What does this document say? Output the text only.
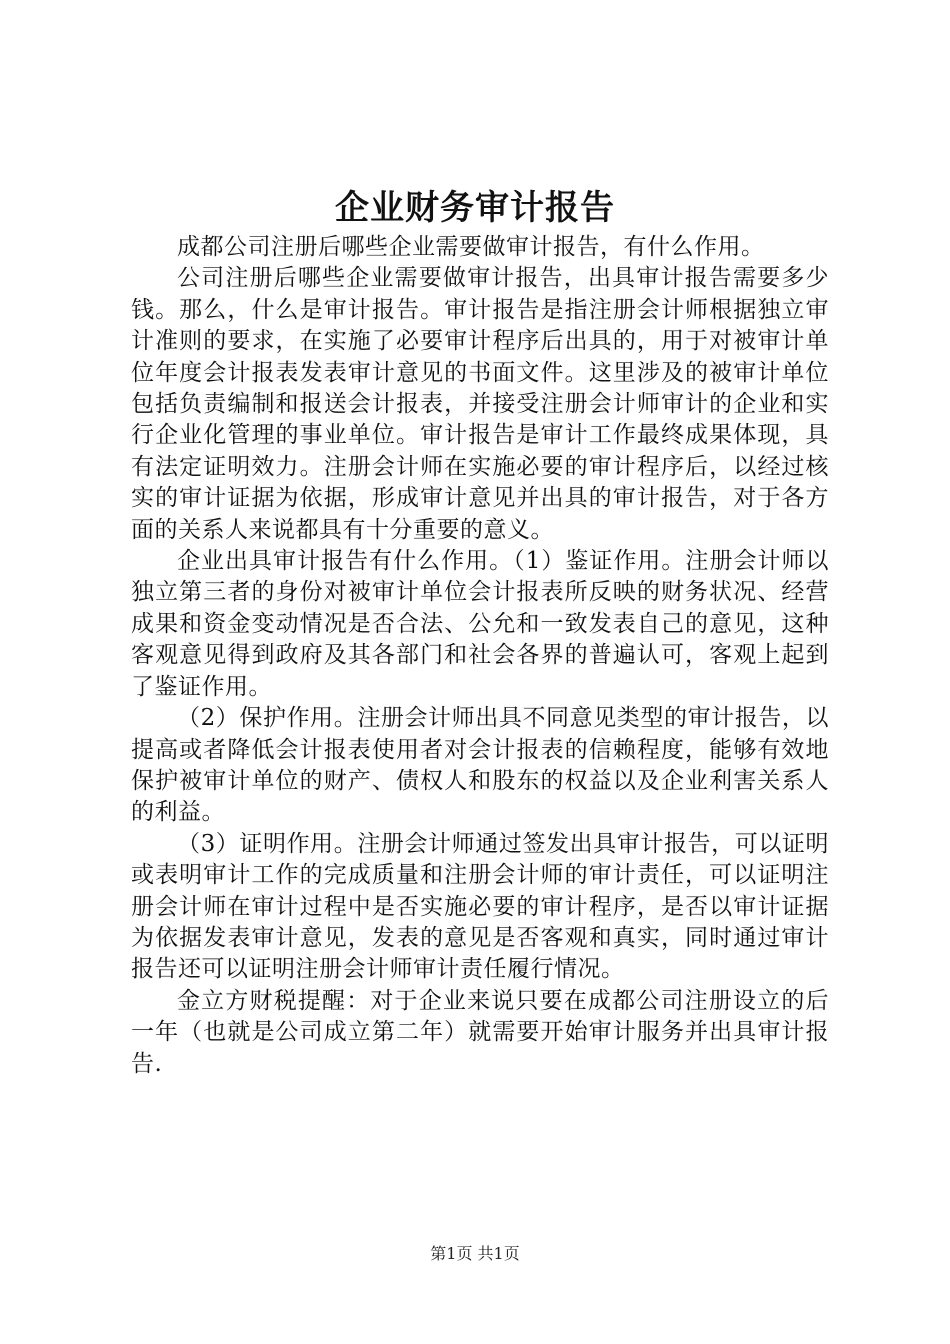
企业财务审计报告

成都公司注册后哪些企业需要做审计报告，有什么作用。

公司注册后哪些企业需要做审计报告，出具审计报告需要多少钱。那么，什么是审计报告。审计报告是指注册会计师根据独立审计准则的要求，在实施了必要审计程序后出具的，用于对被审计单位年度会计报表发表审计意见的书面文件。这里涉及的被审计单位包括负责编制和报送会计报表，并接受注册会计师审计的企业和实行企业化管理的事业单位。审计报告是审计工作最终成果体现，具有法定证明效力。注册会计师在实施必要的审计程序后，以经过核实的审计证据为依据，形成审计意见并出具的审计报告，对于各方面的关系人来说都具有十分重要的意义。

企业出具审计报告有什么作用。（1）鉴证作用。注册会计师以独立第三者的身份对被审计单位会计报表所反映的财务状况、经营成果和资金变动情况是否合法、公允和一致发表自己的意见，这种客观意见得到政府及其各部门和社会各界的普遍认可，客观上起到了鉴证作用。

（2）保护作用。注册会计师出具不同意见类型的审计报告，以提高或者降低会计报表使用者对会计报表的信赖程度，能够有效地保护被审计单位的财产、债权人和股东的权益以及企业利害关系人的利益。

（3）证明作用。注册会计师通过签发出具审计报告，可以证明或表明审计工作的完成质量和注册会计师的审计责任，可以证明注册会计师在审计过程中是否实施必要的审计程序，是否以审计证据为依据发表审计意见，发表的意见是否客观和真实，同时通过审计报告还可以证明注册会计师审计责任履行情况。

金立方财税提醒：对于企业来说只要在成都公司注册设立的后一年（也就是公司成立第二年）就需要开始审计服务并出具审计报告.

第1页 共1页
